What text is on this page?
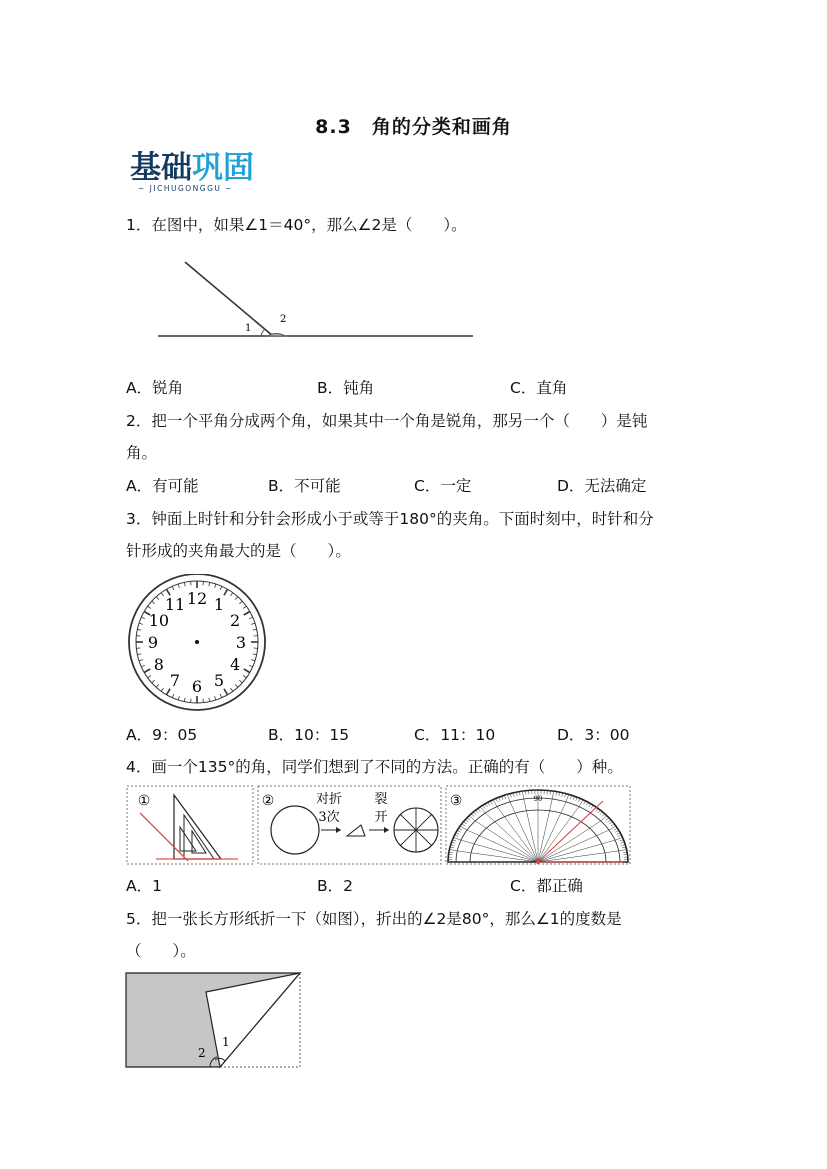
8.3　角的分类和画角
基础巩固
~ JICHUGONGGU ~
1．在图中，如果∠1＝40°，那么∠2是（　　）。
1
2
A．锐角	B．钝角	C．直角
2．把一个平角分成两个角，如果其中一个角是锐角，那另一个（　　）是钝
角。
A．有可能	B．不可能	C．一定	D．无法确定
3．钟面上时针和分针会形成小于或等于180°的夹角。下面时刻中，时针和分
针形成的夹角最大的是（　　）。
12 1
2
3
4
5
6
7
8
9
10
11
A．9：05	B．10：15	C．11：10	D．3：00
4．画一个135°的角，同学们想到了不同的方法。正确的有（　　）种。
①	②	对折
3次
裂
开
③	90
A．1	B．2	C．都正确
5．把一张长方形纸折一下（如图），折出的∠2是80°，那么∠1的度数是
（　　）。
2
1
